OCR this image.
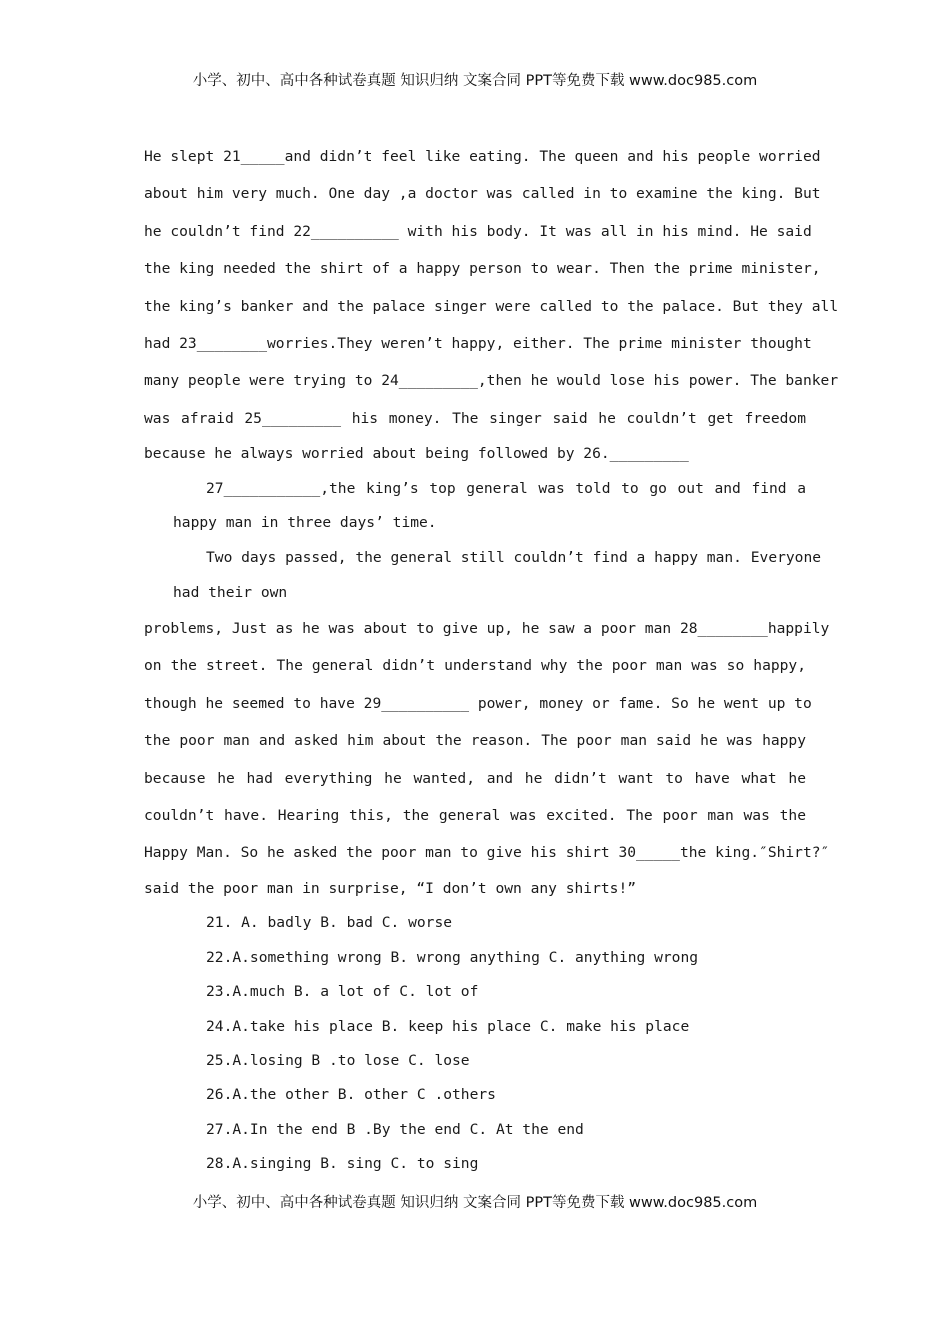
小学、初中、高中各种试卷真题 知识归纳 文案合同 PPT等免费下载 www.doc985.com
He slept 21_____and didn’t feel like eating. The queen and his people worried
about him very much. One day ,a doctor was called in to examine the king. But
he couldn’t find 22__________ with his body. It was all in his mind. He said
the king needed the shirt of a happy person to wear. Then the prime minister,
the king’s banker and the palace singer were called to the palace. But they all
had 23________worries.They weren’t happy, either. The prime minister thought
many people were trying to 24_________,then he would lose his power. The banker
was afraid 25_________ his money. The singer said he couldn’t get freedom
because he always worried about being followed by 26._________
27___________,the king’s top general was told to go out and find a
happy man in three days’ time.
Two days passed, the general still couldn’t find a happy man. Everyone
had their own
problems, Just as he was about to give up, he saw a poor man 28________happily
on the street. The general didn’t understand why the poor man was so happy,
though he seemed to have 29__________ power, money or fame. So he went up to
the poor man and asked him about the reason. The poor man said he was happy
because he had everything he wanted, and he didn’t want to have what he
couldn’t have. Hearing this, the general was excited. The poor man was the
Happy Man. So he asked the poor man to give his shirt 30_____the king.″Shirt?″
said the poor man in surprise, “I don’t own any shirts!”
21. A. badly B. bad C. worse
22.A.something wrong B. wrong anything C. anything wrong
23.A.much B. a lot of C. lot of
24.A.take his place B. keep his place C. make his place
25.A.losing B .to lose C. lose
26.A.the other B. other C .others
27.A.In the end B .By the end C. At the end
28.A.singing B. sing C. to sing
小学、初中、高中各种试卷真题 知识归纳 文案合同 PPT等免费下载 www.doc985.com
